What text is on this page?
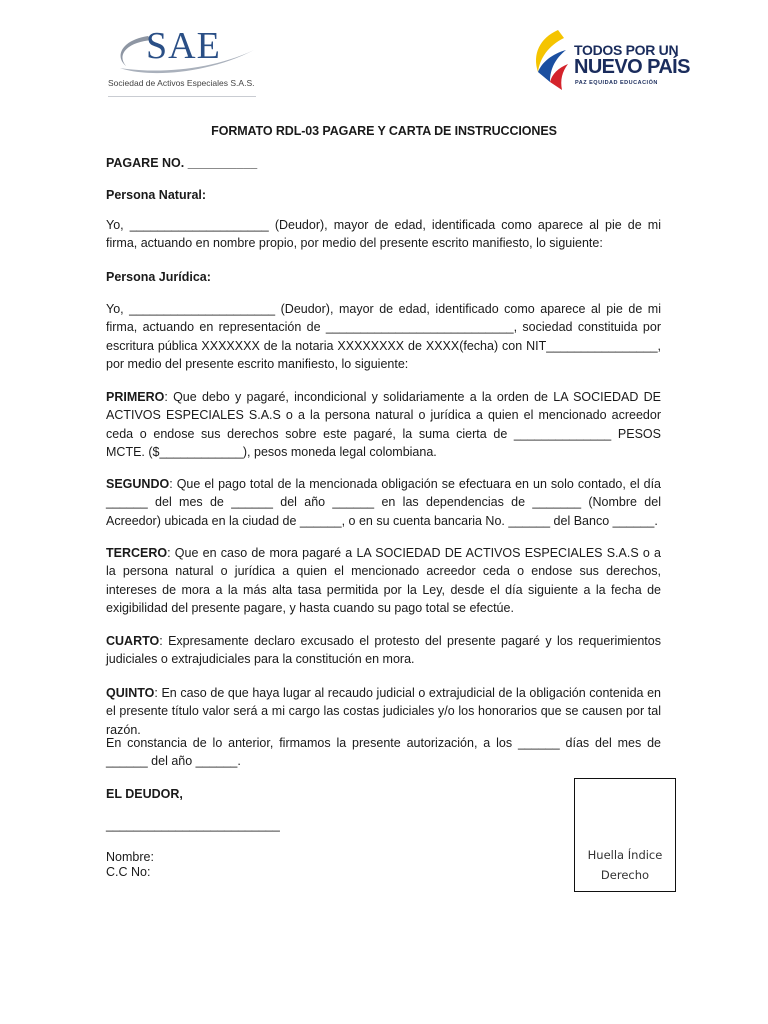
SAE
Sociedad de Activos Especiales S.A.S.
TODOS POR UN
NUEVO PAÍS
PAZ EQUIDAD EDUCACIÓN
FORMATO RDL-03 PAGARE Y CARTA DE INSTRUCCIONES
PAGARE NO. __________
Persona Natural:

Yo, ____________________ (Deudor), mayor de edad, identificada como aparece al pie de mi firma, actuando en nombre propio, por medio del presente escrito manifiesto, lo siguiente:

Persona Jurídica:

Yo, _____________________ (Deudor), mayor de edad, identificado como aparece al pie de mi firma, actuando en representación de ___________________________, sociedad constituida por escritura pública XXXXXXX de la notaria XXXXXXXX de XXXX(fecha) con NIT________________, por medio del presente escrito manifiesto, lo siguiente:

PRIMERO: Que debo y pagaré, incondicional y solidariamente a la orden de LA SOCIEDAD DE ACTIVOS ESPECIALES S.A.S o a la persona natural o jurídica a quien el mencionado acreedor ceda o endose sus derechos sobre este pagaré, la suma cierta de ______________ PESOS MCTE. ($____________), pesos moneda legal colombiana.

SEGUNDO: Que el pago total de la mencionada obligación se efectuara en un solo contado, el día ______ del mes de ______ del año ______ en las dependencias de _______ (Nombre del Acreedor) ubicada en la ciudad de ______, o en su cuenta bancaria No. ______ del Banco ______.

TERCERO: Que en caso de mora pagaré a LA SOCIEDAD DE ACTIVOS ESPECIALES S.A.S o a la persona natural o jurídica a quien el mencionado acreedor ceda o endose sus derechos, intereses de mora a la más alta tasa permitida por la Ley, desde el día siguiente a la fecha de exigibilidad del presente pagare, y hasta cuando su pago total se efectúe.

CUARTO: Expresamente declaro excusado el protesto del presente pagaré y los requerimientos judiciales o extrajudiciales para la constitución en mora.

QUINTO: En caso de que haya lugar al recaudo judicial o extrajudicial de la obligación contenida en el presente título valor será a mi cargo las costas judiciales y/o los honorarios que se causen por tal razón.

En constancia de lo anterior, firmamos la presente autorización, a los ______ días del mes de ______ del año ______.

EL DEUDOR,
_________________________
Nombre:
C.C No:
Huella Índice
Derecho
